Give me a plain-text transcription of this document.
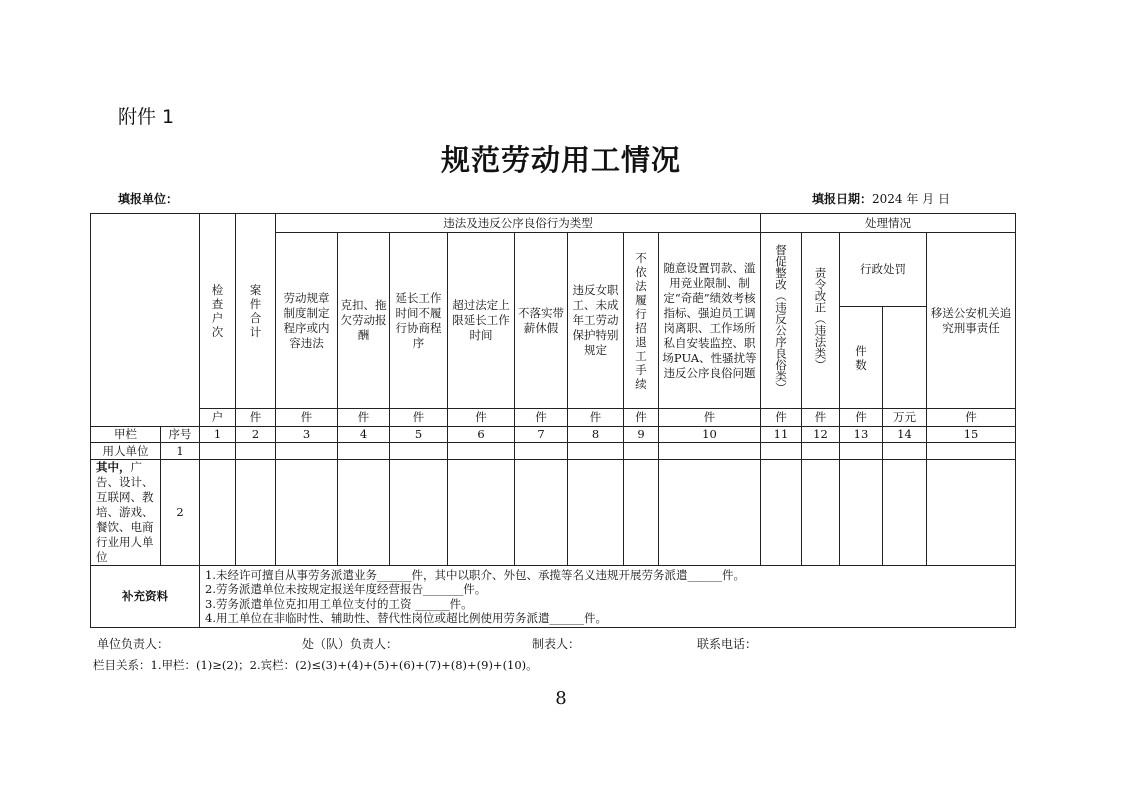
附件 1
规范劳动用工情况
填报单位：	填报日期：2024 年 月 日

		检查户次	案件合计	违法及违反公序良俗行为类型								处理情况				

				劳动规章制度制定程序或内容违法	克扣、拖欠劳动报酬	延长工作时间不履行协商程序	超过法定上限延长工作时间	不落实带薪休假	违反女职工、未成年工劳动保护特别规定	不依法履行招退工手续	随意设置罚款、滥用竞业限制、制定“奇葩”绩效考核指标、强迫员工调岗离职、工作场所私自安装监控、职场PUA、性骚扰等违反公序良俗问题	督促整改（违反公序良俗类）	责令改正（违法类）	行政处罚		移送公安机关追究刑事责任

														件数		

		户	件	件	件	件	件	件	件	件	件	件	件	件	万元	件
甲栏	序号	1	2	3	4	5	6	7	8	9	10	11	12	13	14	15
用人单位	1															
其中，广告、设计、互联网、教培、游戏、餐饮、电商行业用人单位	2															
补充资料		1.未经许可擅自从事劳务派遣业务______件，其中以职介、外包、承揽等名义违规开展劳务派遣______件。
2.劳务派遣单位未按规定报送年度经营报告_______件。
3.劳务派遣单位克扣用工单位支付的工资 ______件。
4.用工单位在非临时性、辅助性、替代性岗位或超比例使用劳务派遣______件。														
单位负责人：	处（队）负责人：	制表人：	联系电话：
栏目关系：1.甲栏：(1)≥(2)；2.宾栏：(2)≤(3)+(4)+(5)+(6)+(7)+(8)+(9)+(10)。
8
